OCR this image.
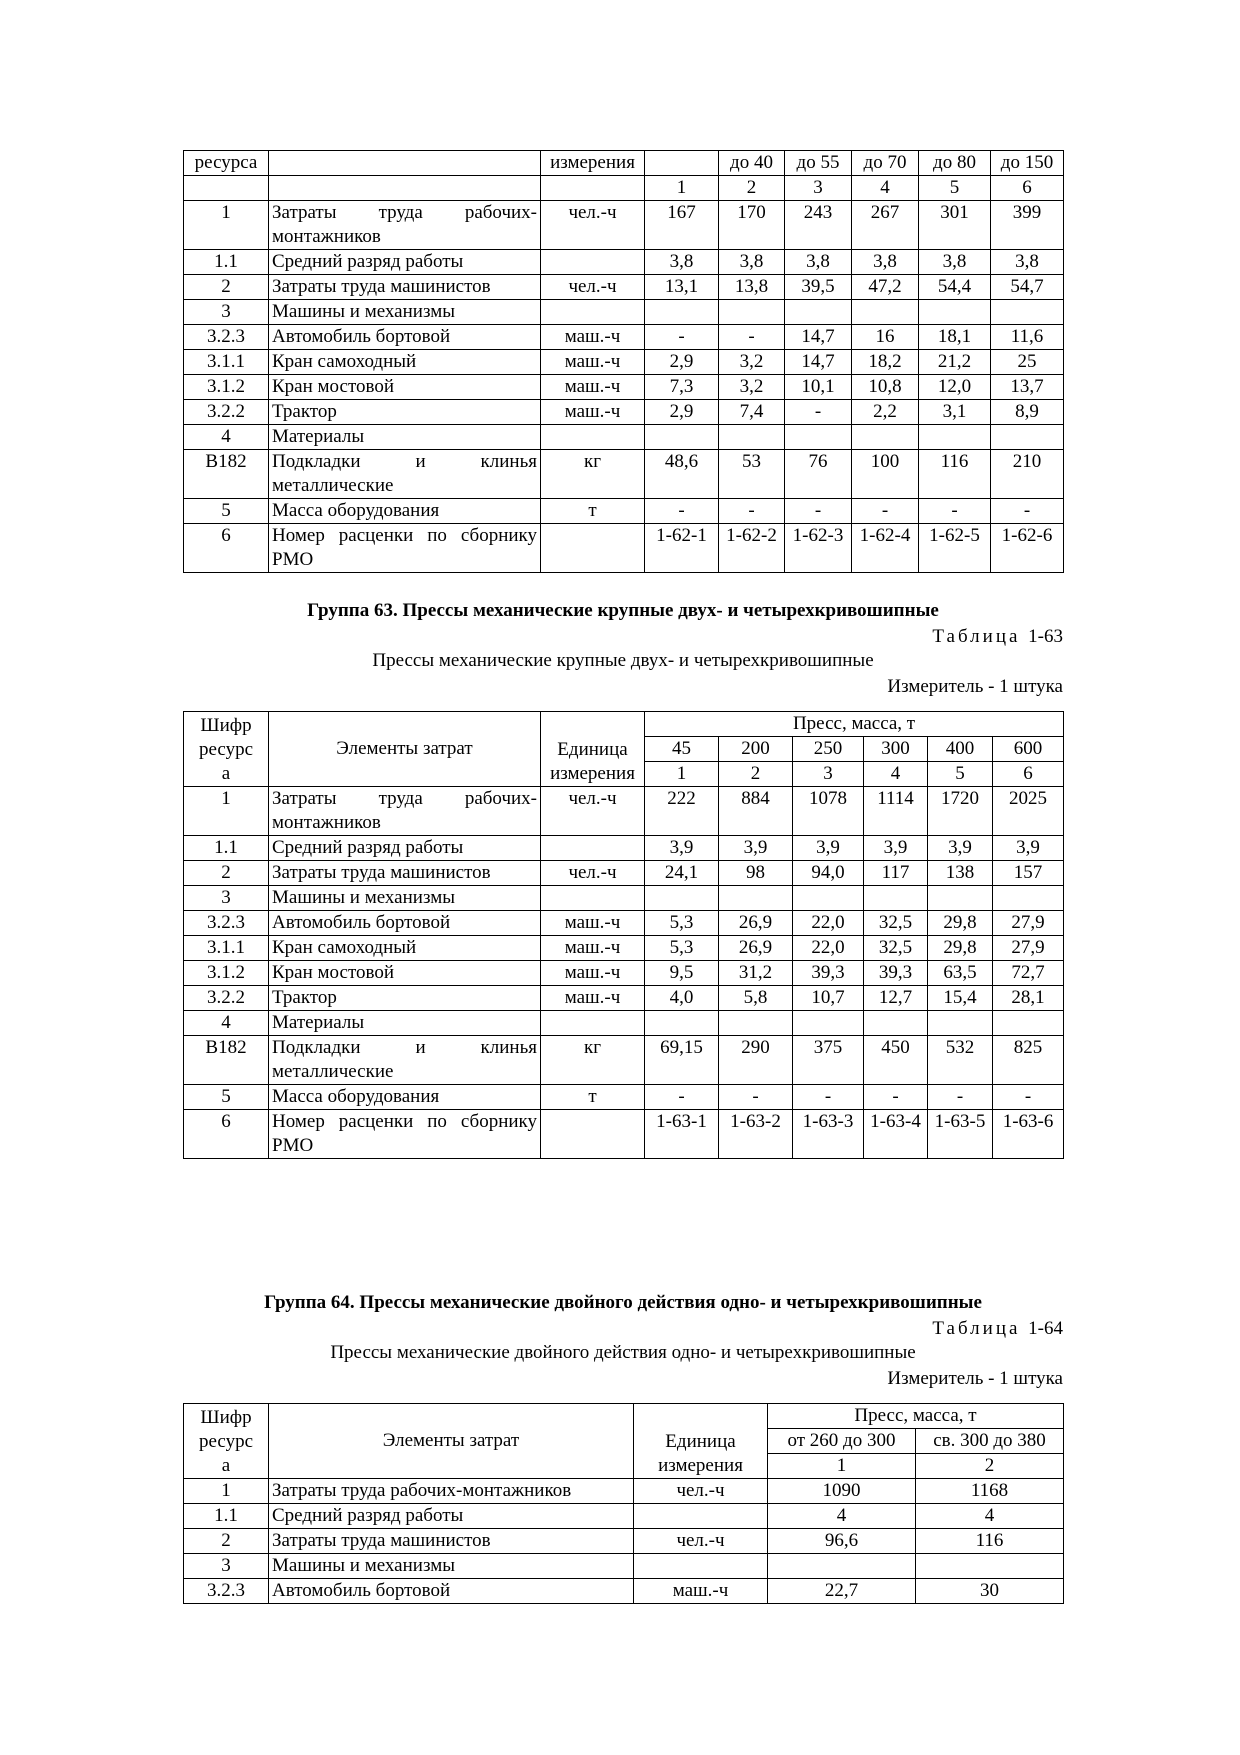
ресурса		измерения		до 40	до 55	до 70	до 80	до 150
			1	2	3	4	5	6
1	Затраты труда рабочих-монтажников	чел.-ч	167	170	243	267	301	399
1.1	Средний разряд работы		3,8	3,8	3,8	3,8	3,8	3,8
2	Затраты труда машинистов	чел.-ч	13,1	13,8	39,5	47,2	54,4	54,7
3	Машины и механизмы							
3.2.3	Автомобиль бортовой	маш.-ч	-	-	14,7	16	18,1	11,6
3.1.1	Кран самоходный	маш.-ч	2,9	3,2	14,7	18,2	21,2	25
3.1.2	Кран мостовой	маш.-ч	7,3	3,2	10,1	10,8	12,0	13,7
3.2.2	Трактор	маш.-ч	2,9	7,4	-	2,2	3,1	8,9
4	Материалы							
В182	Подкладки и клинья металлические	кг	48,6	53	76	100	116	210
5	Масса оборудования	т	-	-	-	-	-	-
6	Номер расценки по сборнику РМО		1-62-1	1-62-2	1-62-3	1-62-4	1-62-5	1-62-6
Группа 63. Прессы механические крупные двух- и четырехкривошипные
Таблица 1-63
Прессы механические крупные двух- и четырехкривошипные
Измеритель - 1 штука
Шифр ресурса	Элементы затрат	Единица измерения	Пресс, масса, т					
			45	200	250	300	400	600
			1	2	3	4	5	6
1	Затраты труда рабочих-монтажников	чел.-ч	222	884	1078	1114	1720	2025
1.1	Средний разряд работы		3,9	3,9	3,9	3,9	3,9	3,9
2	Затраты труда машинистов	чел.-ч	24,1	98	94,0	117	138	157
3	Машины и механизмы							
3.2.3	Автомобиль бортовой	маш.-ч	5,3	26,9	22,0	32,5	29,8	27,9
3.1.1	Кран самоходный	маш.-ч	5,3	26,9	22,0	32,5	29,8	27,9
3.1.2	Кран мостовой	маш.-ч	9,5	31,2	39,3	39,3	63,5	72,7
3.2.2	Трактор	маш.-ч	4,0	5,8	10,7	12,7	15,4	28,1
4	Материалы							
В182	Подкладки и клинья металлические	кг	69,15	290	375	450	532	825
5	Масса оборудования	т	-	-	-	-	-	-
6	Номер расценки по сборнику РМО		1-63-1	1-63-2	1-63-3	1-63-4	1-63-5	1-63-6
Группа 64. Прессы механические двойного действия одно- и четырехкривошипные
Таблица 1-64
Прессы механические двойного действия одно- и четырехкривошипные
Измеритель - 1 штука
Шифр ресурса	Элементы затрат	Единица измерения	Пресс, масса, т	
			от 260 до 300	св. 300 до 380
			1	2
1	Затраты труда рабочих-монтажников	чел.-ч	1090	1168
1.1	Средний разряд работы		4	4
2	Затраты труда машинистов	чел.-ч	96,6	116
3	Машины и механизмы			
3.2.3	Автомобиль бортовой	маш.-ч	22,7	30
